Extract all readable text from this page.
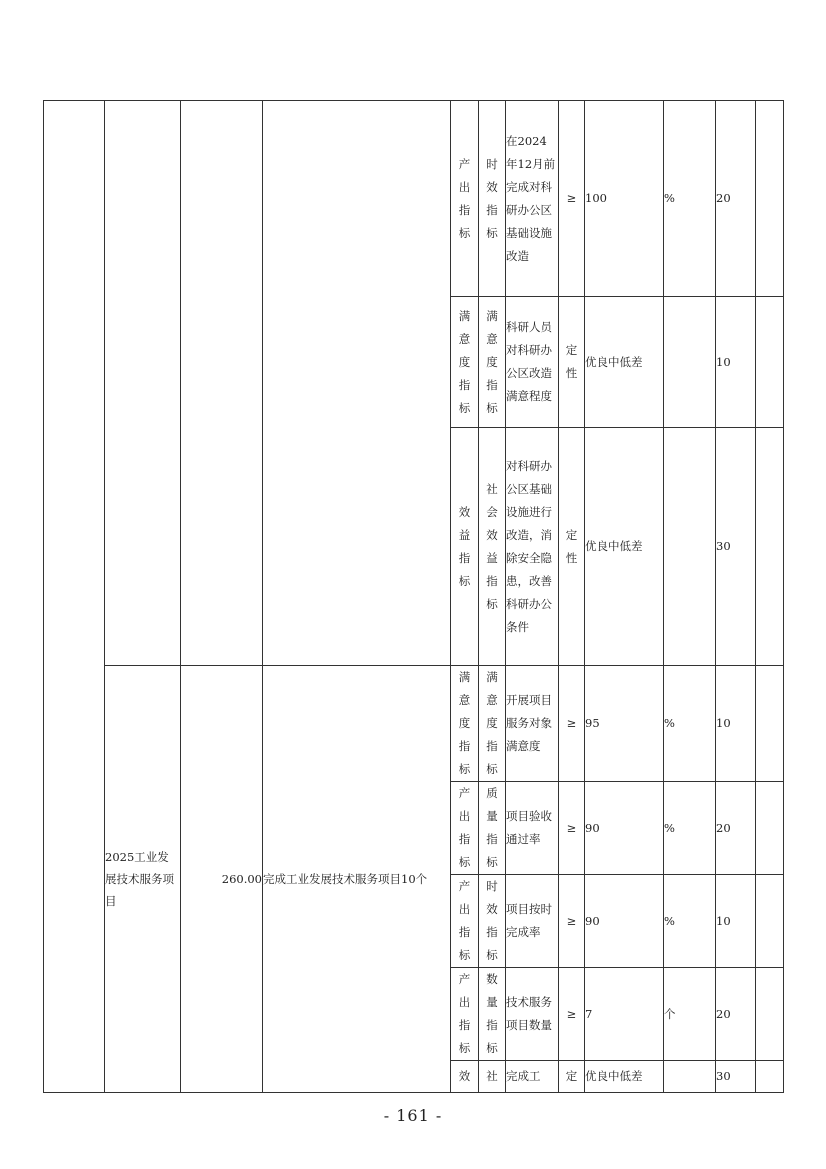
				产出指标	时效指标	在2024年12月前完成对科研办公区基础设施改造	≥	100	%	20	

				满意度指标	满意度指标	科研人员对科研办公区改造满意程度	定性	优良中低差		10	

				效益指标	社会效益指标	对科研办公区基础设施进行改造，消除安全隐患，改善科研办公条件	定性	优良中低差		30	
	2025工业发展技术服务项目	260.00	完成工业发展技术服务项目10个	满意度指标	满意度指标	开展项目服务对象满意度	≥	95	%	10	

				产出指标	质量指标	项目验收通过率	≥	90	%	20	

				产出指标	时效指标	项目按时完成率	≥	90	%	10	

				产出指标	数量指标	技术服务项目数量	≥	7	个	20	

				效	社	完成工	定	优良中低差		30	
- 161 -
